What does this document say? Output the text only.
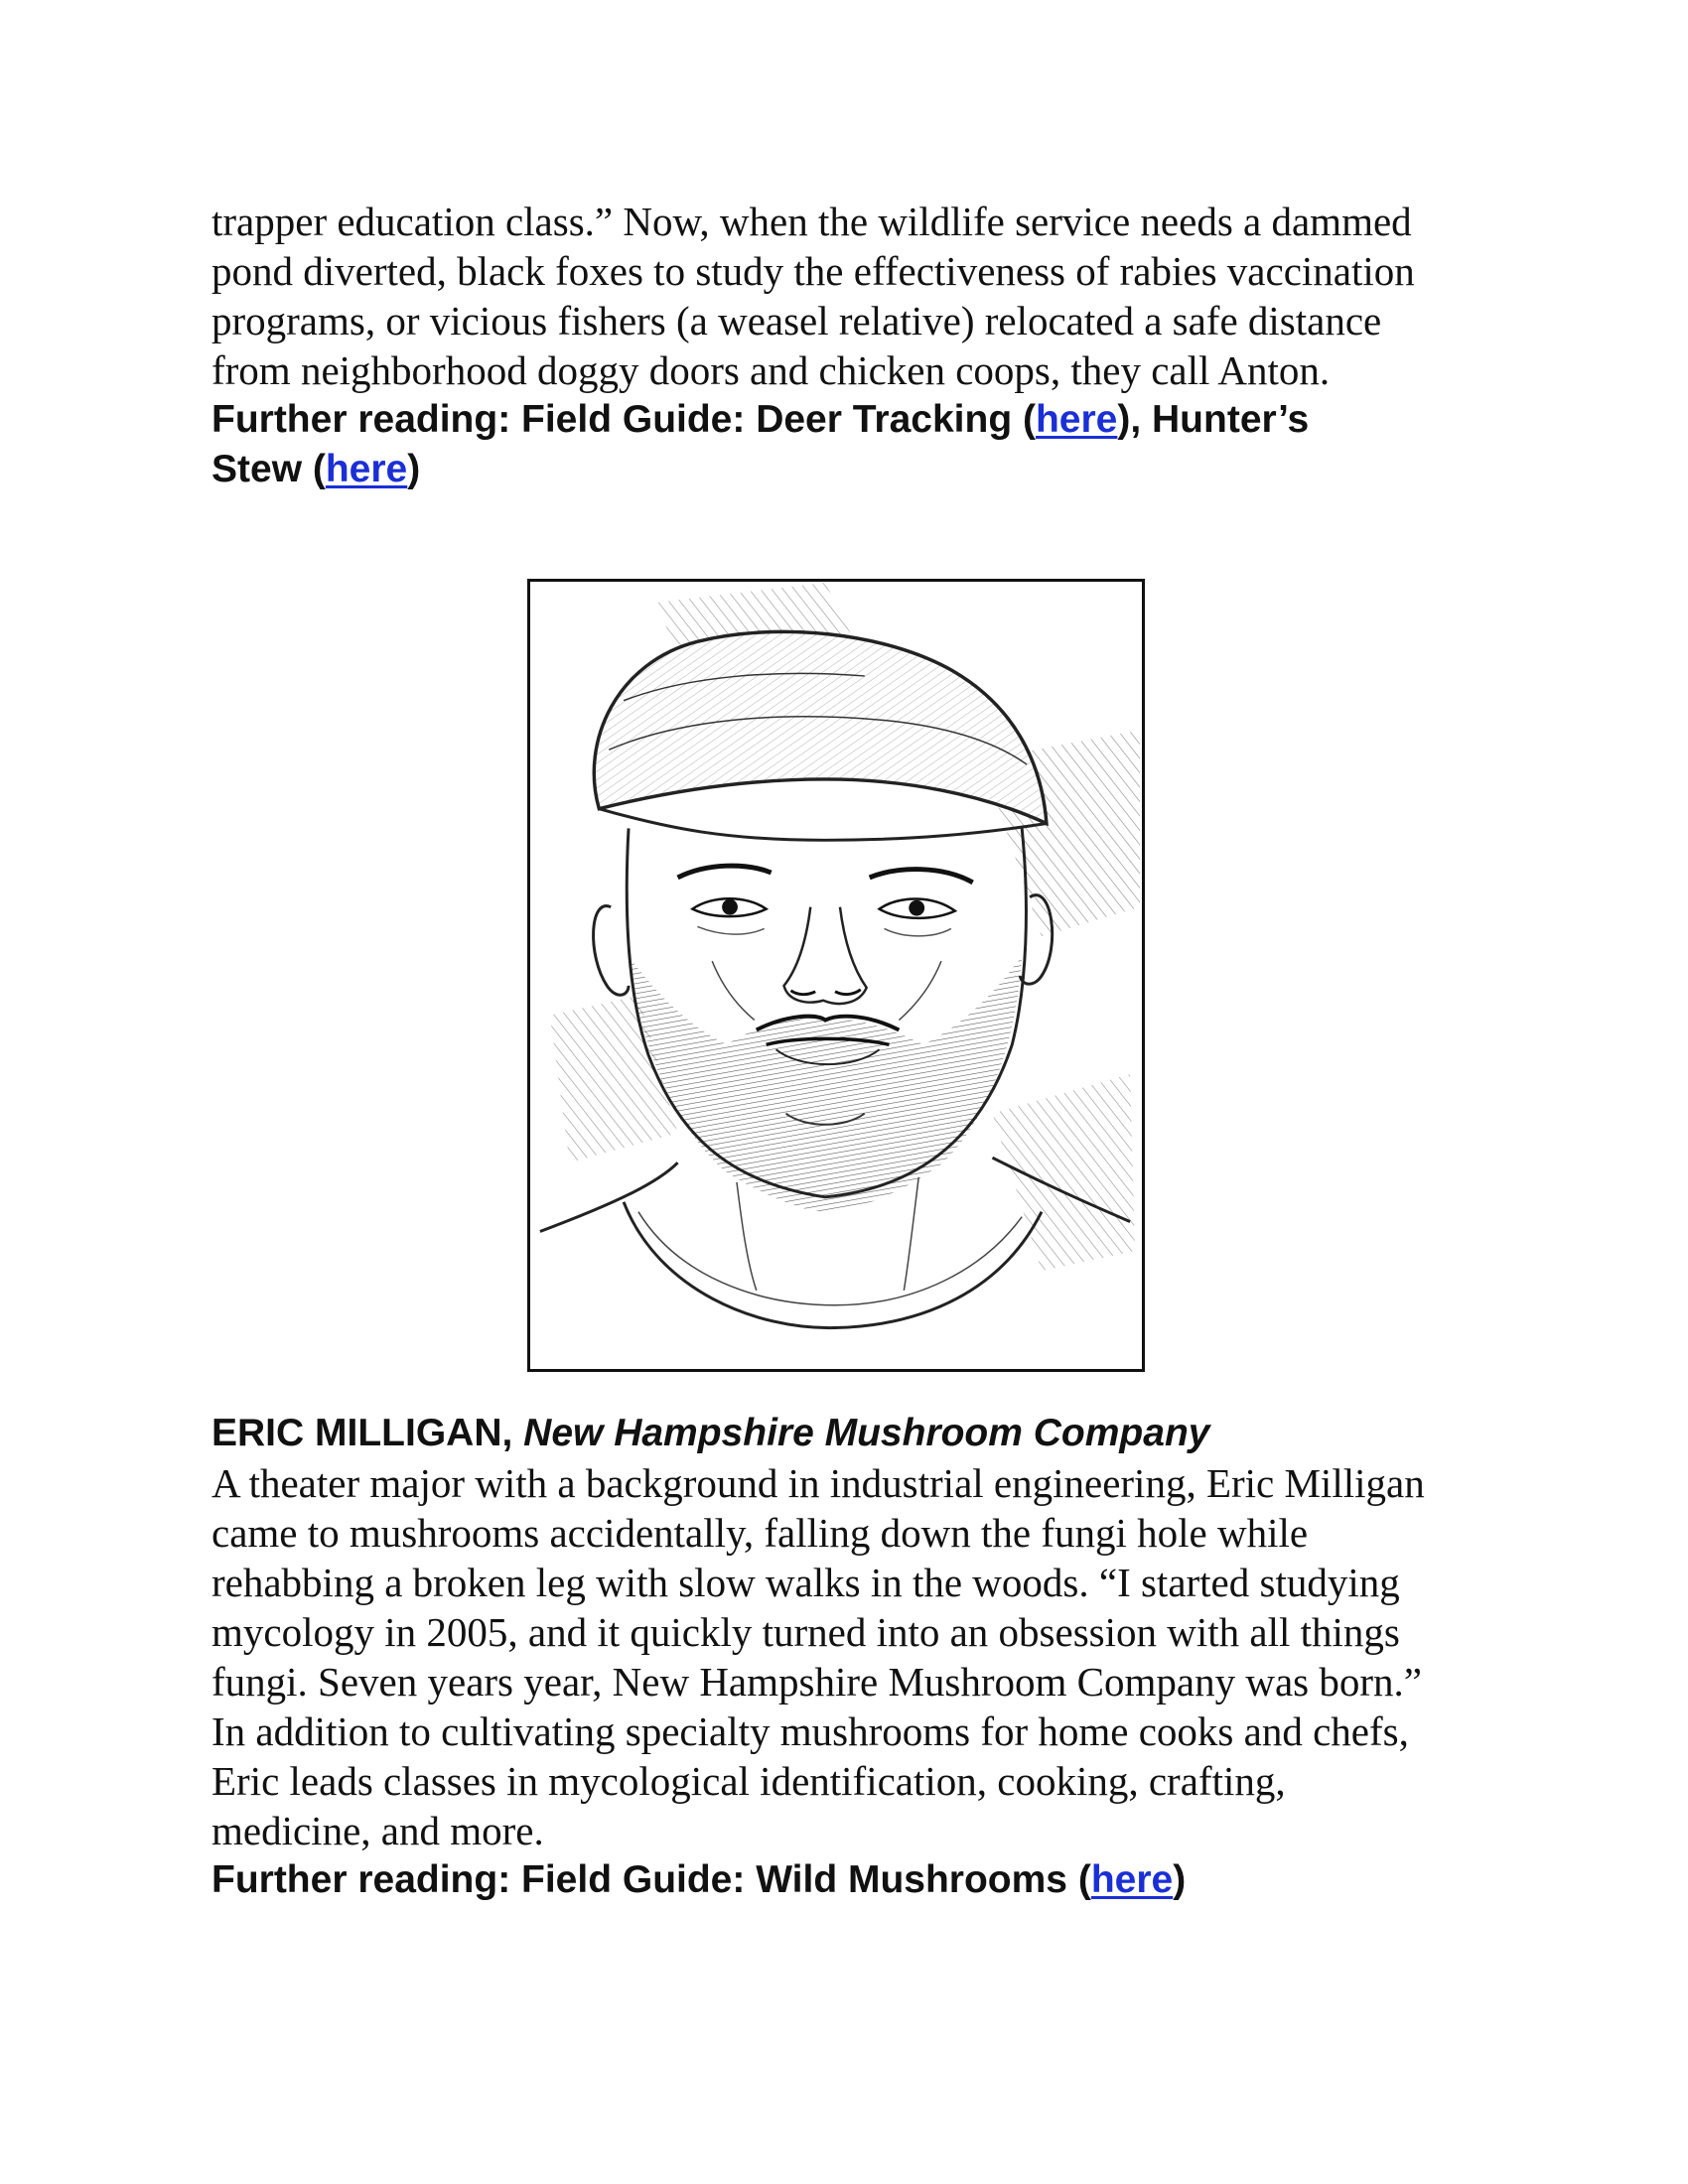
trapper education class.” Now, when the wildlife service needs a dammed
pond diverted, black foxes to study the effectiveness of rabies vaccination
programs, or vicious fishers (a weasel relative) relocated a safe distance
from neighborhood doggy doors and chicken coops, they call Anton.

Further reading: Field Guide: Deer Tracking (here), Hunter’s
Stew (here)

ERIC MILLIGAN, New Hampshire Mushroom Company

A theater major with a background in industrial engineering, Eric Milligan
came to mushrooms accidentally, falling down the fungi hole while
rehabbing a broken leg with slow walks in the woods. “I started studying
mycology in 2005, and it quickly turned into an obsession with all things
fungi. Seven years year, New Hampshire Mushroom Company was born.”
In addition to cultivating specialty mushrooms for home cooks and chefs,
Eric leads classes in mycological identification, cooking, crafting,
medicine, and more.

Further reading: Field Guide: Wild Mushrooms (here)
